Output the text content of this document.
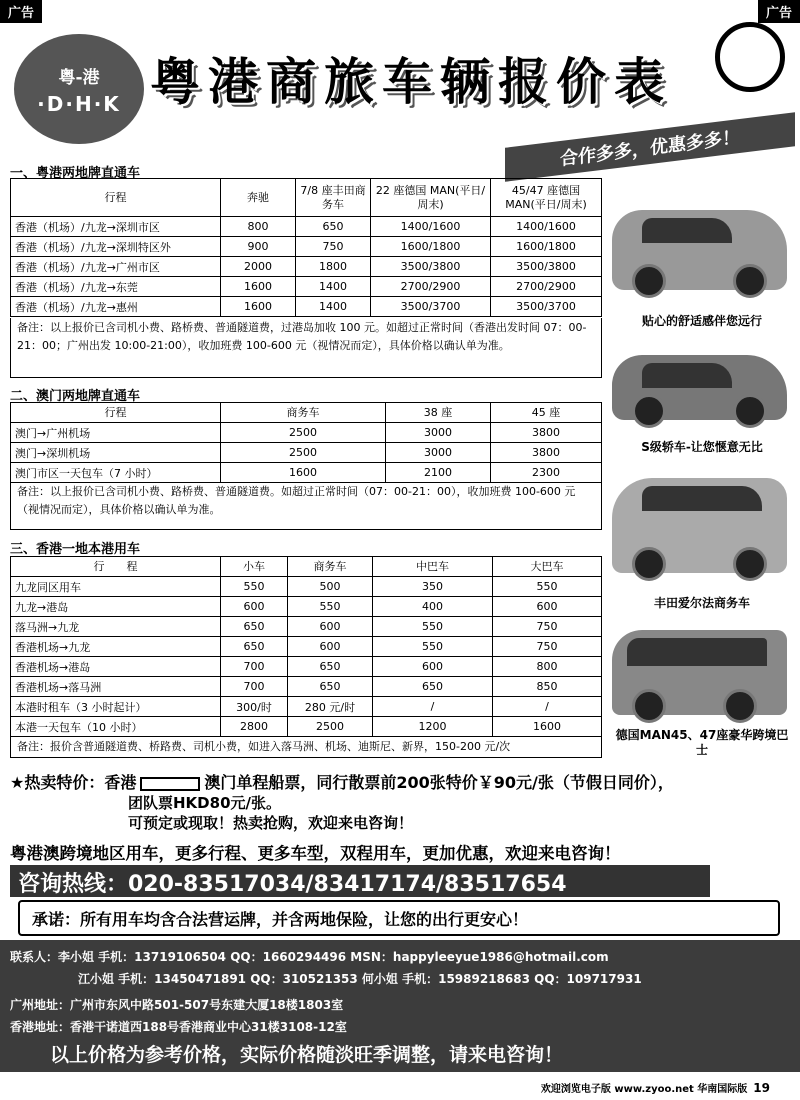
广告	广告
粤-港
·D·H·K 粤港商旅车辆报价表
合作多多，优惠多多！
一、粤港两地牌直通车
行程	奔驰	7/8 座丰田商务车	22 座德国 MAN(平日/周末)	45/47 座德国 MAN(平日/周末)
香港（机场）/九龙→深圳市区	800	650	1400/1600	1400/1600
香港（机场）/九龙→深圳特区外	900	750	1600/1800	1600/1800
香港（机场）/九龙→广州市区	2000	1800	3500/3800	3500/3800
香港（机场）/九龙→东莞	1600	1400	2700/2900	2700/2900
香港（机场）/九龙→惠州	1600	1400	3500/3700	3500/3700
备注：以上报价已含司机小费、路桥费、普通隧道费，过港岛加收 100 元。如超过正常时间（香港出发时间 07：00-21：00；广州出发 10:00-21:00），收加班费 100-600 元（视情况而定），具体价格以确认单为准。
二、澳门两地牌直通车
行程	商务车	38 座	45 座
澳门→广州机场	2500	3000	3800
澳门→深圳机场	2500	3000	3800
澳门市区一天包车（7 小时）	1600	2100	2300
备注：以上报价已含司机小费、路桥费、普通隧道费。如超过正常时间（07：00-21：00），收加班费 100-600 元（视情况而定），具体价格以确认单为准。
三、香港一地本港用车
行　　程	小车	商务车	中巴车	大巴车
九龙同区用车	550	500	350	550
九龙→港岛	600	550	400	600
落马洲→九龙	650	600	550	750
香港机场→九龙	650	600	550	750
香港机场→港岛	700	650	600	800
香港机场→落马洲	700	650	650	850
本港时租车（3 小时起计）	300/时	280 元/时	/	/
本港一天包车（10 小时）	2800	2500	1200	1600
备注：报价含普通隧道费、桥路费、司机小费，如进入落马洲、机场、迪斯尼、新界，150-200 元/次
贴心的舒适感伴您远行
S级轿车-让您惬意无比
丰田爱尔法商务车
德国MAN45、47座豪华跨境巴士
★热卖特价：香港	澳门单程船票，同行散票前200张特价￥90元/张（节假日同价），
团队票HKD80元/张。
可预定或现取！热卖抢购，欢迎来电咨询！
粤港澳跨境地区用车，更多行程、更多车型，双程用车，更加优惠，欢迎来电咨询！
咨询热线：020-83517034/83417174/83517654
承诺：所有用车均含合法营运牌，并含两地保险，让您的出行更安心！
联系人：李小姐 手机：13719106504 QQ：1660294496 MSN：happyleeyue1986@hotmail.com
江小姐 手机：13450471891 QQ：310521353 何小姐 手机：15989218683 QQ：109717931
广州地址：广州市东风中路501-507号东建大厦18楼1803室
香港地址：香港干诺道西188号香港商业中心31楼3108-12室
以上价格为参考价格，实际价格随淡旺季调整，请来电咨询！
欢迎浏览电子版 www.zyoo.net 华南国际版 19
